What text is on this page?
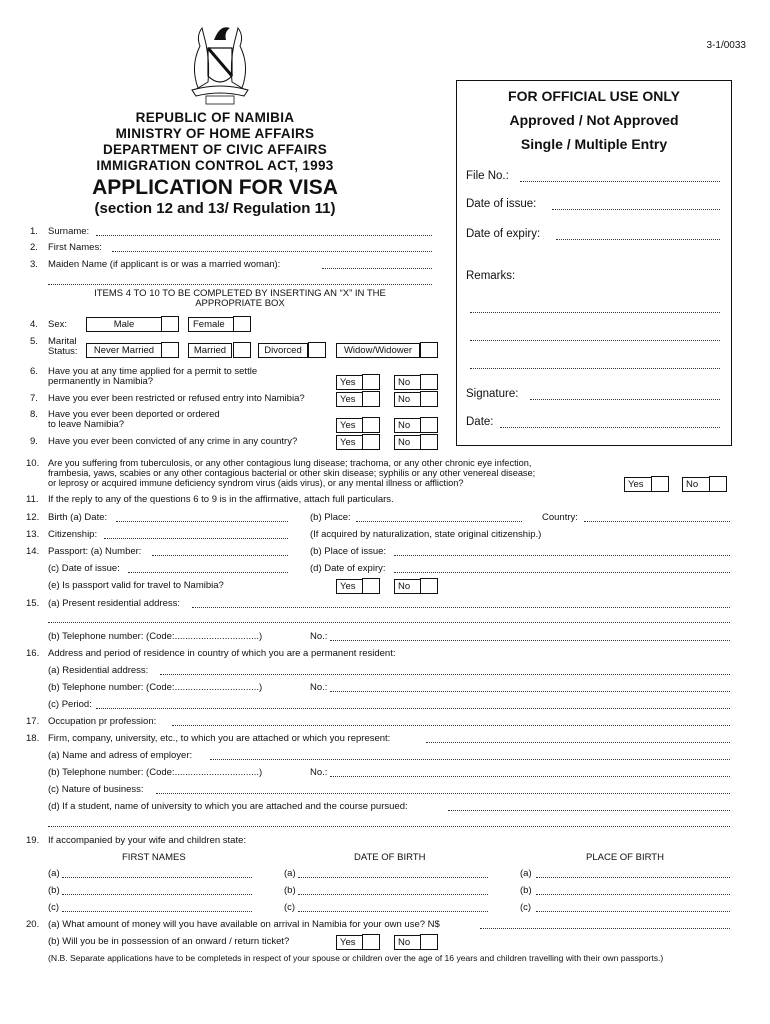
3-1/0033
REPUBLIC OF NAMIBIA
MINISTRY OF HOME AFFAIRS
DEPARTMENT OF CIVIC AFFAIRS
IMMIGRATION CONTROL ACT, 1993
APPLICATION FOR VISA
(section 12 and 13/ Regulation 11)
FOR OFFICIAL USE ONLY
Approved / Not Approved
Single / Multiple Entry
File No.:
Date of issue:
Date of expiry:
Remarks:
Signature:
Date:
1. Surname:
2. First Names:
3. Maiden Name (if applicant is or was a married woman):
ITEMS 4 TO 10 TO BE COMPLETED BY INSERTING AN “X” IN THE
APPROPRIATE BOX
4. Sex:	Male	Female
5. Marital
Status:	Never Married	Married	Divorced	Widow/Widower
6. Have you at any time applied for a permit to settle
permanently in Namibia?	Yes	No
7. Have you ever been restricted or refused entry into Namibia?	Yes	No
8. Have you ever been deported or ordered
to leave Namibia?	Yes	No
9. Have you ever been convicted of any crime in any country?	Yes	No
10. Are you suffering from tuberculosis, or any other contagious lung disease; trachoma, or any other chronic eye infection,
frambesia, yaws, scabies or any other contagious bacterial or other skin disease; syphilis or any other venereal disease;
or leprosy or acquired immune deficiency syndrom virus (aids virus), or any mental illness or affliction?	Yes	No
11. If the reply to any of the questions 6 to 9 is in the affirmative, attach full particulars.
12. Birth (a) Date:	(b) Place:	Country:
13. Citizenship:	(If acquired by naturalization, state original citizenship.)
14. Passport: (a) Number:	(b) Place of issue:
(c) Date of issue:	(d) Date of expiry:
(e) Is passport valid for travel to Namibia?	Yes	No
15. (a) Present residential address:
(b) Telephone number: (Code:................................)	No.:
16. Address and period of residence in country of which you are a permanent resident:
(a) Residential address:
(b) Telephone number: (Code:................................)	No.:
(c) Period:
17. Occupation pr profession:
18. Firm, company, university, etc., to which you are attached or which you represent:
(a) Name and adress of employer:
(b) Telephone number: (Code:................................)	No.:
(c) Nature of business:
(d) If a student, name of university to which you are attached and the course pursued:
19. If accompanied by your wife and children state:
FIRST NAMES	DATE OF BIRTH	PLACE OF BIRTH
(a)	(a)	(a)
(b)	(b)	(b)
(c)	(c)	(c)
20. (a) What amount of money will you have available on arrival in Namibia for your own use? N$
(b) Will you be in possession of an onward / return ticket?	Yes	No
(N.B. Separate applications have to be completeds in respect of your spouse or children over the age of 16 years and children travelling with their own passports.)
